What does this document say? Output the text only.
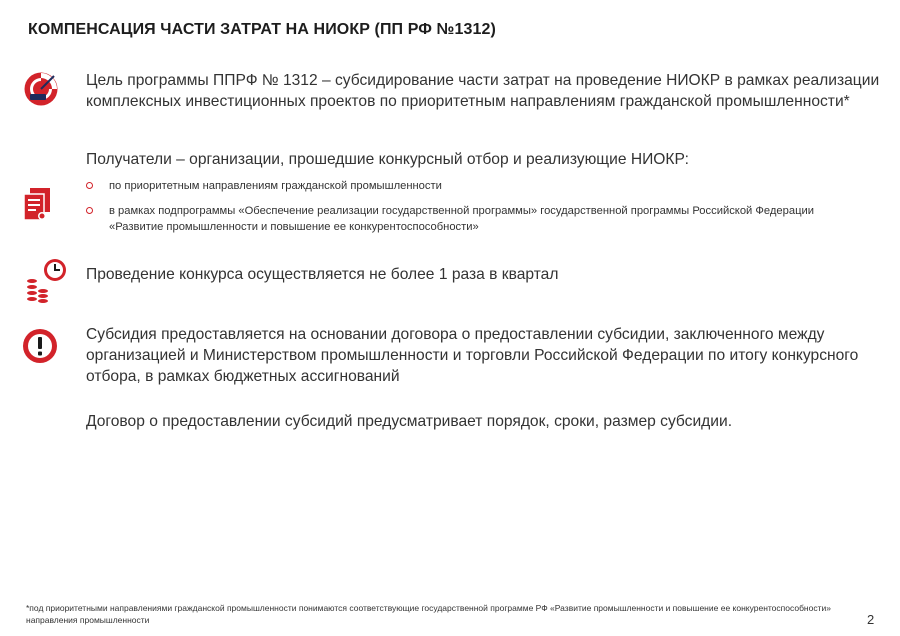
КОМПЕНСАЦИЯ ЧАСТИ ЗАТРАТ НА НИОКР (ПП РФ №1312)
Цель программы ППРФ № 1312 – субсидирование части затрат на проведение НИОКР в рамках реализации комплексных инвестиционных проектов по приоритетным направлениям гражданской промышленности*
Получатели – организации, прошедшие конкурсный отбор и реализующие НИОКР:
по приоритетным направлениям гражданской промышленности
в рамках подпрограммы «Обеспечение реализации государственной программы» государственной программы Российской Федерации «Развитие промышленности и повышение ее конкурентоспособности»
Проведение конкурса осуществляется не более 1 раза в квартал
Субсидия предоставляется на основании договора о предоставлении субсидии, заключенного между организацией и Министерством промышленности и торговли Российской Федерации по итогу конкурсного отбора, в рамках бюджетных ассигнований
Договор о предоставлении субсидий предусматривает порядок, сроки, размер субсидии.
*под приоритетными направлениями гражданской промышленности понимаются соответствующие государственной программе РФ «Развитие промышленности и повышение ее конкурентоспособности» направления промышленности	2
